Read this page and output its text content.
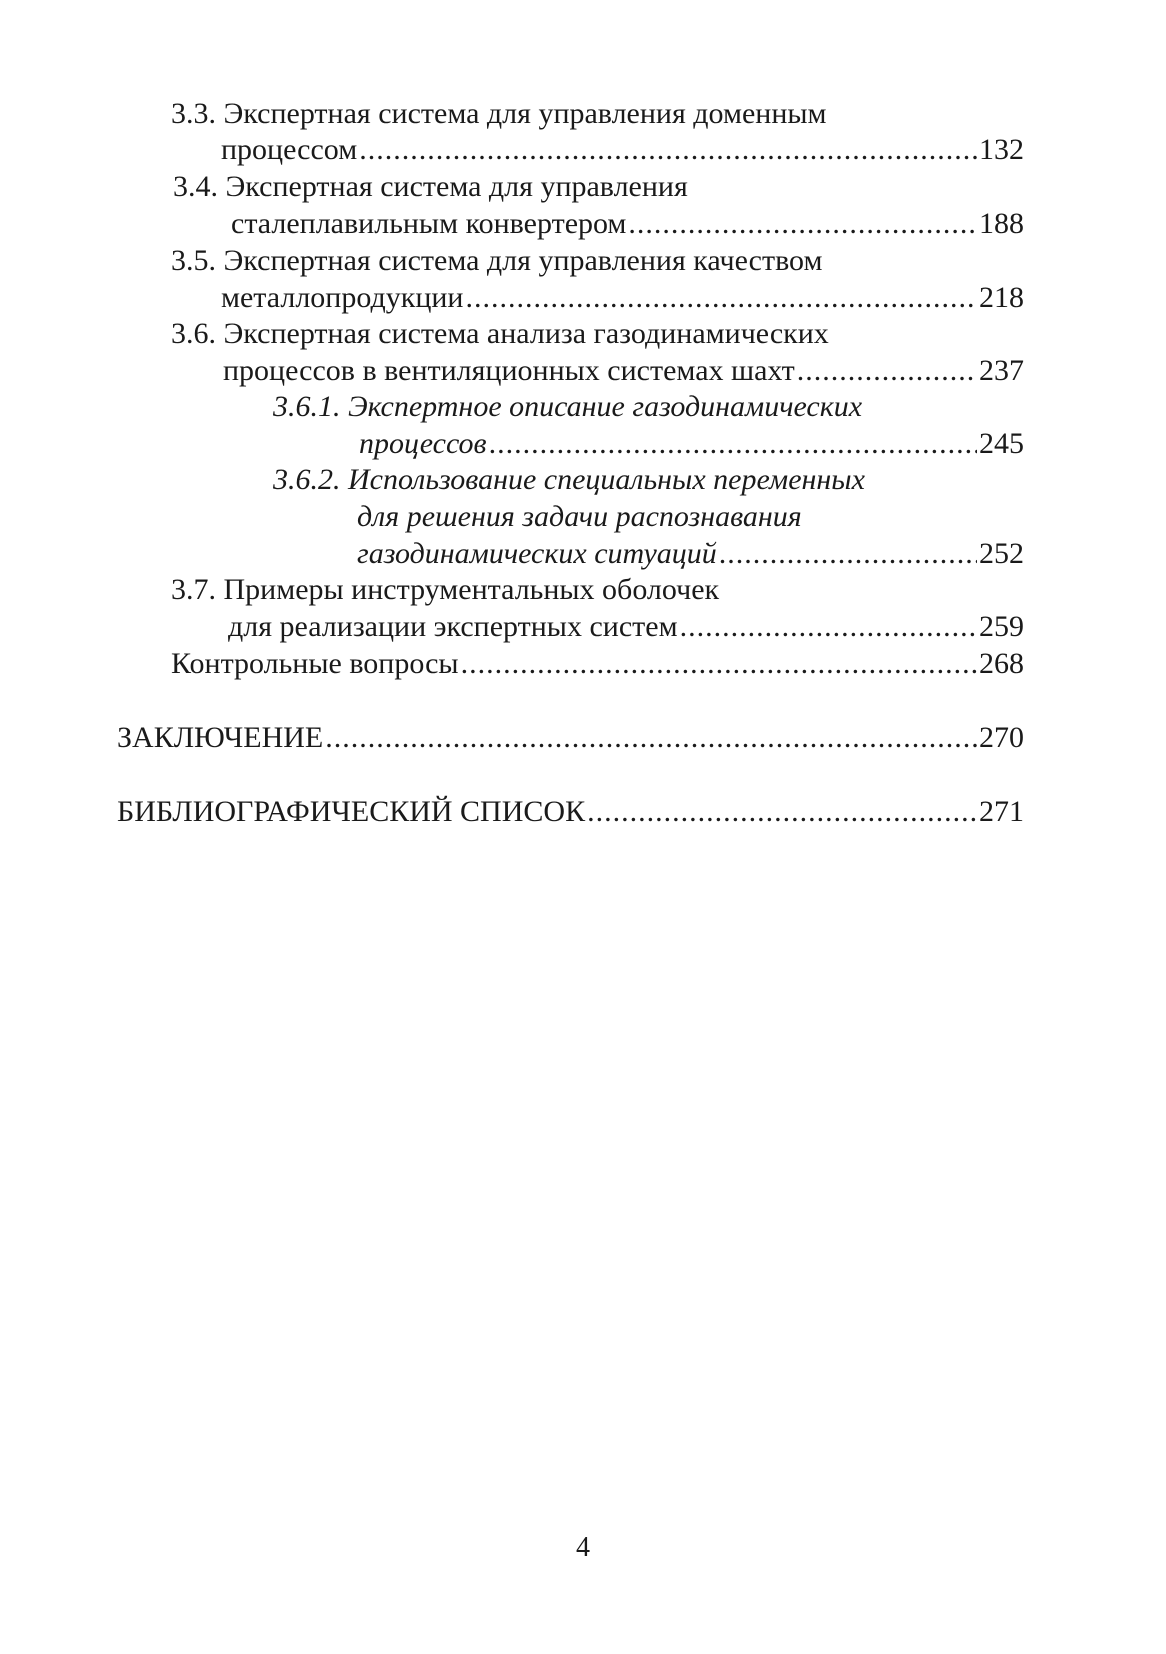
3.3. Экспертная система для управления доменным
процессом .....	132
3.4. Экспертная система для управления
сталеплавильным конвертером .....	188
3.5. Экспертная система для управления качеством
металлопродукции .....	218
3.6. Экспертная система анализа газодинамических
процессов в вентиляционных системах шахт .....	237
3.6.1. Экспертное описание газодинамических
процессов .....	245
3.6.2. Использование специальных переменных
для решения задачи распознавания
газодинамических ситуаций .....	252
3.7. Примеры инструментальных оболочек
для реализации экспертных систем .....	259
Контрольные вопросы .....	268
ЗАКЛЮЧЕНИЕ .....	270
БИБЛИОГРАФИЧЕСКИЙ СПИСОК .....	271
4
